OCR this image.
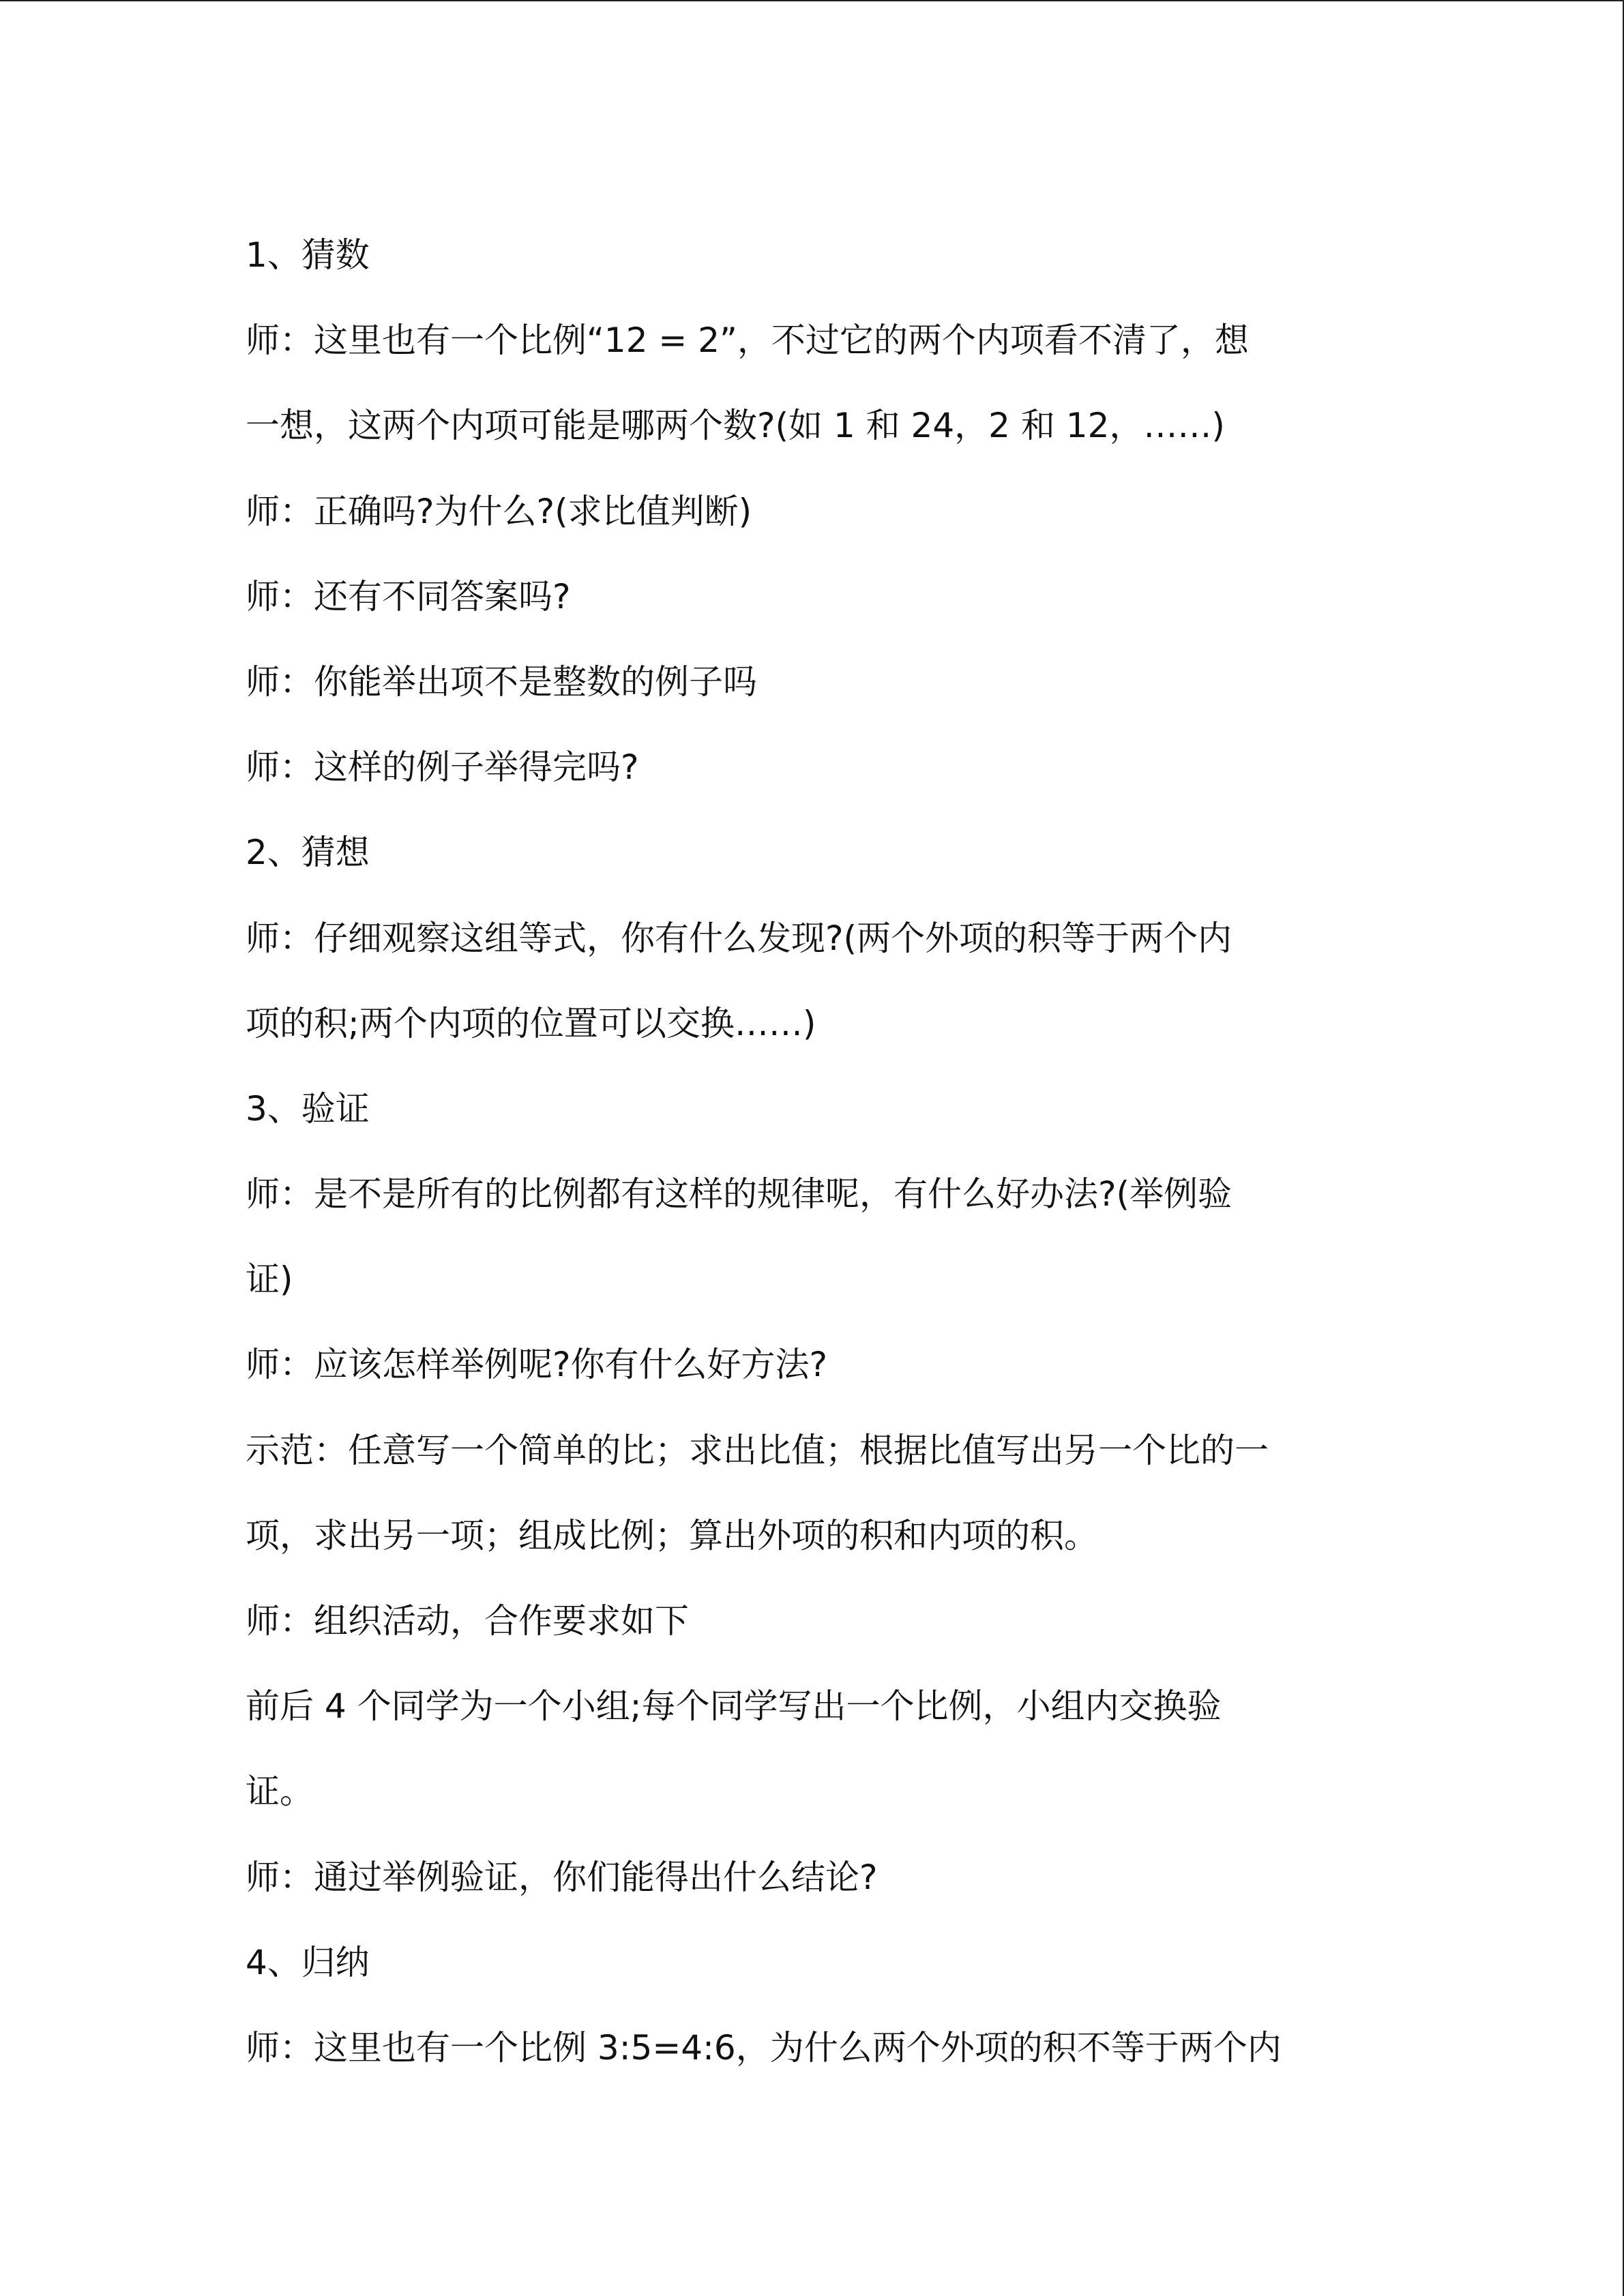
1、猜数

师：这里也有一个比例“12 = 2”，不过它的两个内项看不清了，想

一想，这两个内项可能是哪两个数?(如 1 和 24，2 和 12，……)

师：正确吗?为什么?(求比值判断)

师：还有不同答案吗?

师：你能举出项不是整数的例子吗

师：这样的例子举得完吗?

2、猜想

师：仔细观察这组等式，你有什么发现?(两个外项的积等于两个内

项的积;两个内项的位置可以交换……)

3、验证

师：是不是所有的比例都有这样的规律呢，有什么好办法?(举例验

证)

师：应该怎样举例呢?你有什么好方法?

示范：任意写一个简单的比；求出比值；根据比值写出另一个比的一

项，求出另一项；组成比例；算出外项的积和内项的积。

师：组织活动，合作要求如下

前后 4 个同学为一个小组;每个同学写出一个比例，小组内交换验

证。

师：通过举例验证，你们能得出什么结论?

4、归纳

师：这里也有一个比例 3:5=4:6，为什么两个外项的积不等于两个内
